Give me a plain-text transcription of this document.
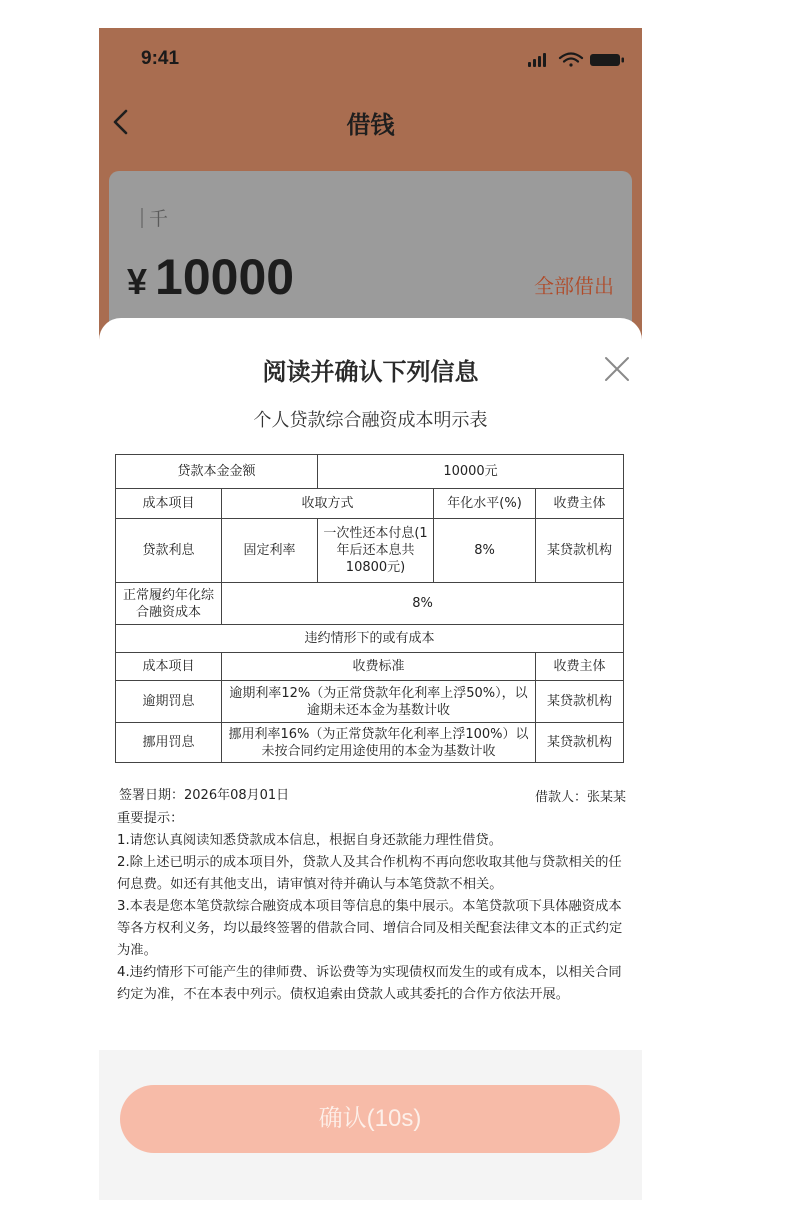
9:41
借钱
千
¥ 10000	全部借出
阅读并确认下列信息
个人贷款综合融资成本明示表
贷款本金金额		10000元		
成本项目	收取方式		年化水平(%)	收费主体
贷款利息	固定利率	一次性还本付息(1年后还本息共10800元)	8%	某贷款机构
正常履约年化综合融资成本	8%			
违约情形下的或有成本				
成本项目	收费标准			收费主体
逾期罚息	逾期利率12%（为正常贷款年化利率上浮50%），以逾期未还本金为基数计收			某贷款机构
挪用罚息	挪用利率16%（为正常贷款年化利率上浮100%）以未按合同约定用途使用的本金为基数计收			某贷款机构
签署日期：2026年08月01日	借款人：张某某

重要提示：

1.请您认真阅读知悉贷款成本信息，根据自身还款能力理性借贷。

2.除上述已明示的成本项目外，贷款人及其合作机构不再向您收取其他与贷款相关的任何息费。如还有其他支出，请审慎对待并确认与本笔贷款不相关。

3.本表是您本笔贷款综合融资成本项目等信息的集中展示。本笔贷款项下具体融资成本等各方权利义务，均以最终签署的借款合同、增信合同及相关配套法律文本的正式约定为准。

4.违约情形下可能产生的律师费、诉讼费等为实现债权而发生的或有成本，以相关合同约定为准，不在本表中列示。债权追索由贷款人或其委托的合作方依法开展。

确认(10s)
